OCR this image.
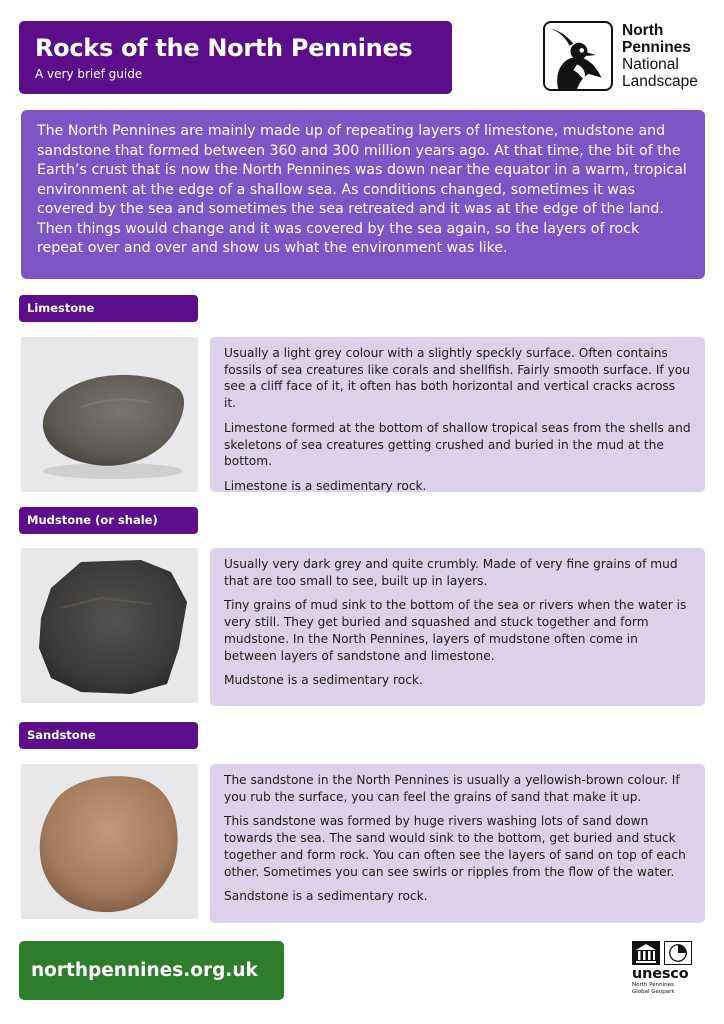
Rocks of the North Pennines
A very brief guide
North
Pennines
National
Landscape

The North Pennines are mainly made up of repeating layers of limestone, mudstone and sandstone that formed between 360 and 300 million years ago. At that time, the bit of the Earth’s crust that is now the North Pennines was down near the equator in a warm, tropical environment at the edge of a shallow sea. As conditions changed, sometimes it was covered by the sea and sometimes the sea retreated and it was at the edge of the land. Then things would change and it was covered by the sea again, so the layers of rock repeat over and over and show us what the environment was like.

Limestone

Usually a light grey colour with a slightly speckly surface. Often contains fossils of sea creatures like corals and shellfish. Fairly smooth surface. If you see a cliff face of it, it often has both horizontal and vertical cracks across it.

Limestone formed at the bottom of shallow tropical seas from the shells and skeletons of sea creatures getting crushed and buried in the mud at the bottom.

Limestone is a sedimentary rock.

Mudstone (or shale)

Usually very dark grey and quite crumbly. Made of very fine grains of mud that are too small to see, built up in layers.

Tiny grains of mud sink to the bottom of the sea or rivers when the water is very still. They get buried and squashed and stuck together and form mudstone. In the North Pennines, layers of mudstone often come in between layers of sandstone and limestone.

Mudstone is a sedimentary rock.

Sandstone

The sandstone in the North Pennines is usually a yellowish-brown colour. If you rub the surface, you can feel the grains of sand that make it up.

This sandstone was formed by huge rivers washing lots of sand down towards the sea. The sand would sink to the bottom, get buried and stuck together and form rock. You can often see the layers of sand on top of each other. Sometimes you can see swirls or ripples from the flow of the water.

Sandstone is a sedimentary rock.

northpennines.org.uk	unesco
North Pennines
Global Geopark
